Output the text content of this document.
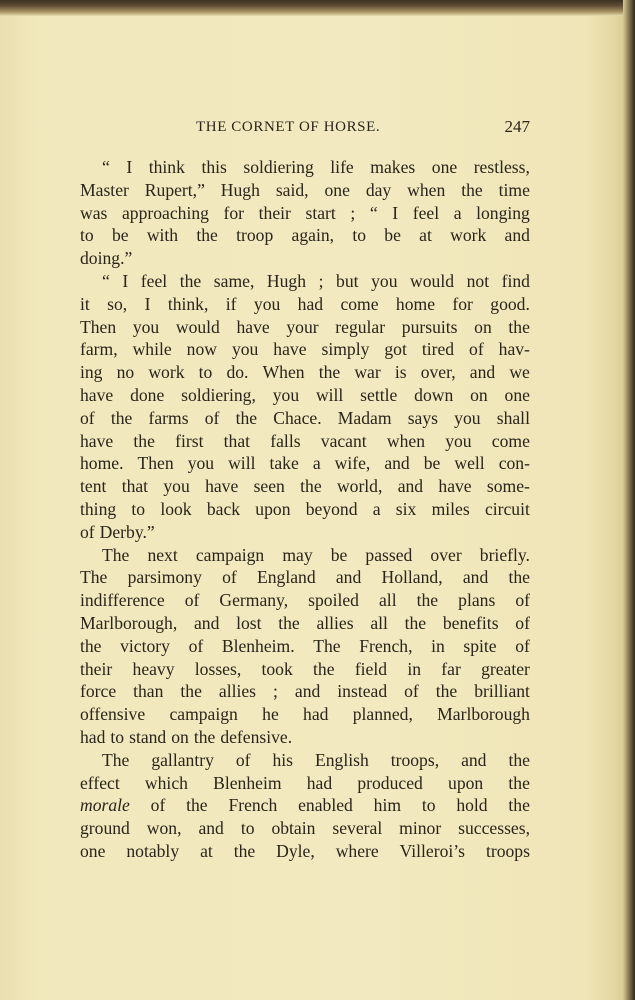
THE CORNET OF HORSE.	247
“ I think this soldiering life makes one restless,
Master Rupert,” Hugh said, one day when the time
was approaching for their start ; “ I feel a longing
to be with the troop again, to be at work and
doing.”
“ I feel the same, Hugh ; but you would not find
it so, I think, if you had come home for good.
Then you would have your regular pursuits on the
farm, while now you have simply got tired of hav-
ing no work to do. When the war is over, and we
have done soldiering, you will settle down on one
of the farms of the Chace. Madam says you shall
have the first that falls vacant when you come
home. Then you will take a wife, and be well con-
tent that you have seen the world, and have some-
thing to look back upon beyond a six miles circuit
of Derby.”
The next campaign may be passed over briefly.
The parsimony of England and Holland, and the
indifference of Germany, spoiled all the plans of
Marlborough, and lost the allies all the benefits of
the victory of Blenheim. The French, in spite of
their heavy losses, took the field in far greater
force than the allies ; and instead of the brilliant
offensive campaign he had planned, Marlborough
had to stand on the defensive.
The gallantry of his English troops, and the
effect which Blenheim had produced upon the
morale of the French enabled him to hold the
ground won, and to obtain several minor successes,
one notably at the Dyle, where Villeroi’s troops
